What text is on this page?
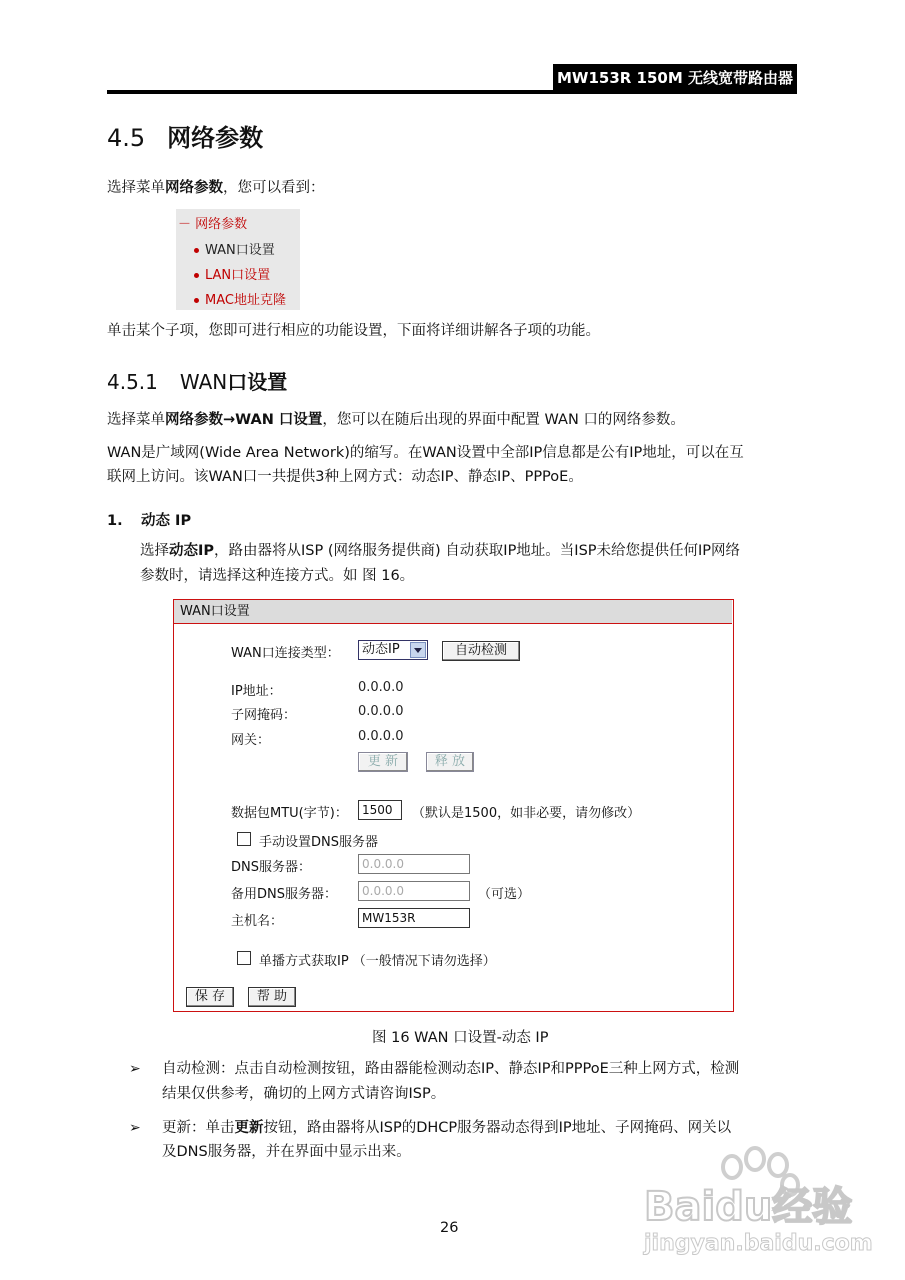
MW153R 150M 无线宽带路由器
4.5 网络参数
选择菜单网络参数，您可以看到：
－ 网络参数
WAN口设置
LAN口设置
MAC地址克隆
单击某个子项，您即可进行相应的功能设置，下面将详细讲解各子项的功能。
4.5.1 WAN口设置
选择菜单网络参数→WAN 口设置，您可以在随后出现的界面中配置 WAN 口的网络参数。
WAN是广域网(Wide Area Network)的缩写。在WAN设置中全部IP信息都是公有IP地址，可以在互
联网上访问。该WAN口一共提供3种上网方式：动态IP、静态IP、PPPoE。
1. 动态 IP
选择动态IP，路由器将从ISP (网络服务提供商) 自动获取IP地址。当ISP未给您提供任何IP网络
参数时，请选择这种连接方式。如 图 16。
WAN口设置
WAN口连接类型：	动态IP	自动检测
IP地址：	0.0.0.0
子网掩码：	0.0.0.0
网关：	0.0.0.0
更 新	释 放
数据包MTU(字节)：	1500	（默认是1500，如非必要，请勿修改）
手动设置DNS服务器
DNS服务器：	0.0.0.0
备用DNS服务器：	0.0.0.0	（可选）
主机名：	MW153R
单播方式获取IP （一般情况下请勿选择）
保 存	帮 助
图 16 WAN 口设置-动态 IP
➢ 自动检测：点击自动检测按钮，路由器能检测动态IP、静态IP和PPPoE三种上网方式，检测
结果仅供参考，确切的上网方式请咨询ISP。
➢ 更新：单击更新按钮，路由器将从ISP的DHCP服务器动态得到IP地址、子网掩码、网关以
及DNS服务器，并在界面中显示出来。
Baidu经验
jingyan.baidu.com
26
